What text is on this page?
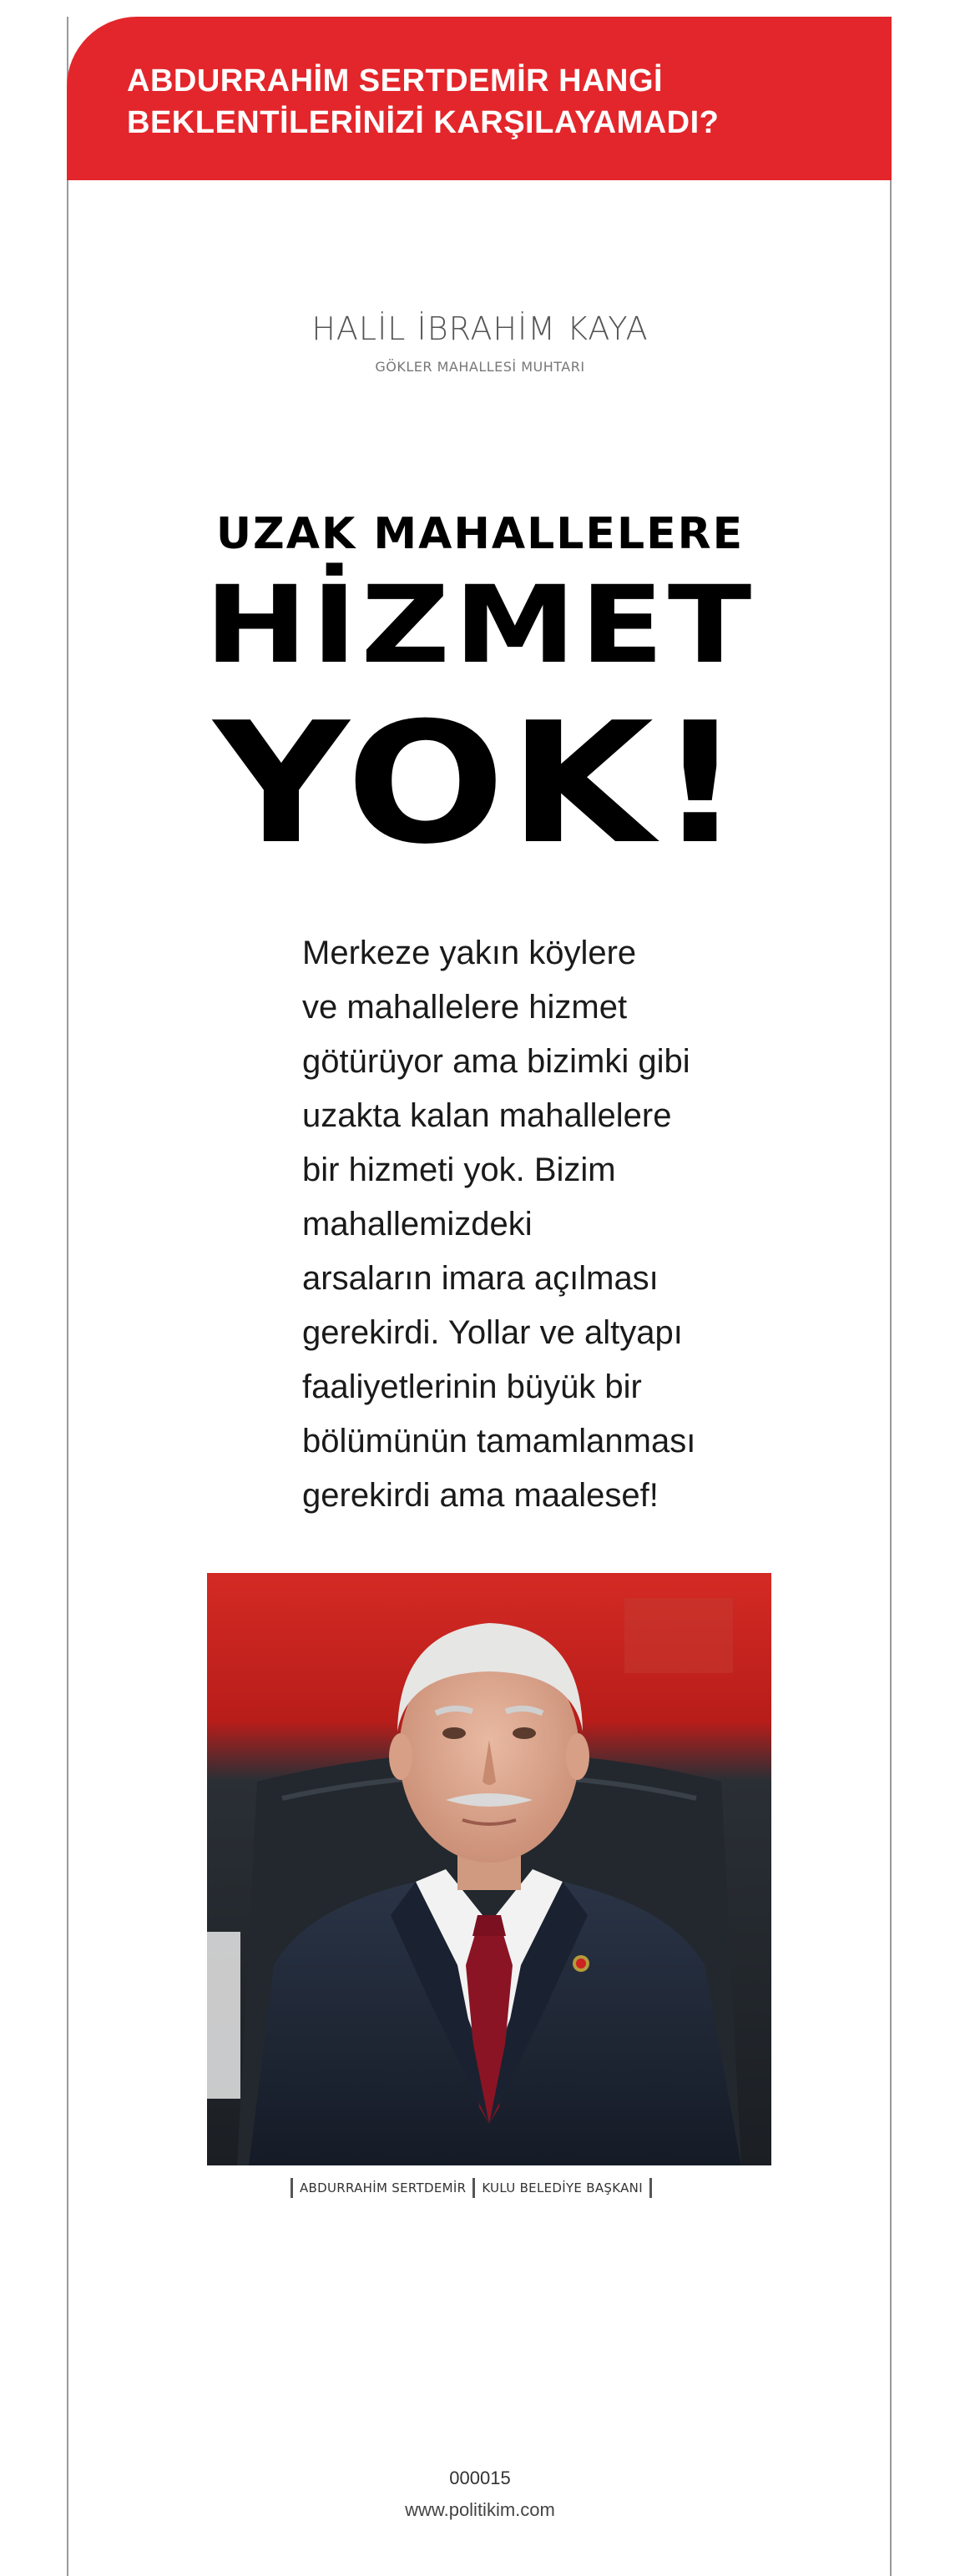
ABDURRAHİM SERTDEMİR HANGİ
BEKLENTİLERİNİZİ KARŞILAYAMADI?
HALİL İBRAHİM KAYA
GÖKLER MAHALLESİ MUHTARI
UZAK MAHALLELERE
HİZMET
YOK!
Merkeze yakın köylere
ve mahallelere hizmet
götürüyor ama bizimki gibi
uzakta kalan mahallelere
bir hizmeti yok. Bizim
mahallemizdeki
arsaların imara açılması
gerekirdi. Yollar ve altyapı
faaliyetlerinin büyük bir
bölümünün tamamlanması
gerekirdi ama maalesef!
ABDURRAHİM SERTDEMİR KULU BELEDİYE BAŞKANI
000015
www.politikim.com
